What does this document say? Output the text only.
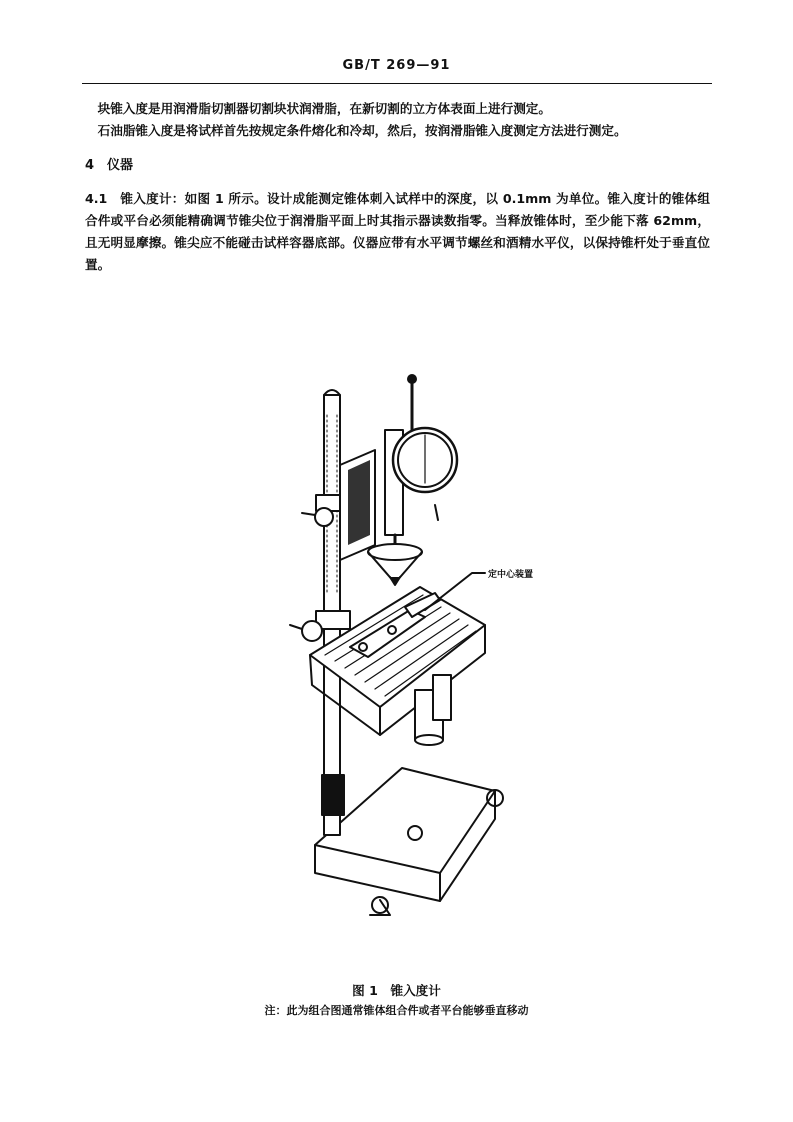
GB/T 269—91

块锥入度是用润滑脂切割器切割块状润滑脂，在新切割的立方体表面上进行测定。

石油脂锥入度是将试样首先按规定条件熔化和冷却，然后，按润滑脂锥入度测定方法进行测定。

4　仪器

4.1　锥入度计：如图 1 所示。设计成能测定锥体刺入试样中的深度，以 0.1mm 为单位。锥入度计的锥体组合件或平台必须能精确调节锥尖位于润滑脂平面上时其指示器读数指零。当释放锥体时，至少能下落 62mm，且无明显摩擦。锥尖应不能碰击试样容器底部。仪器应带有水平调节螺丝和酒精水平仪，以保持锥杆处于垂直位置。

定中心装置
图 1　锥入度计
注：此为组合图通常锥体组合件或者平台能够垂直移动
